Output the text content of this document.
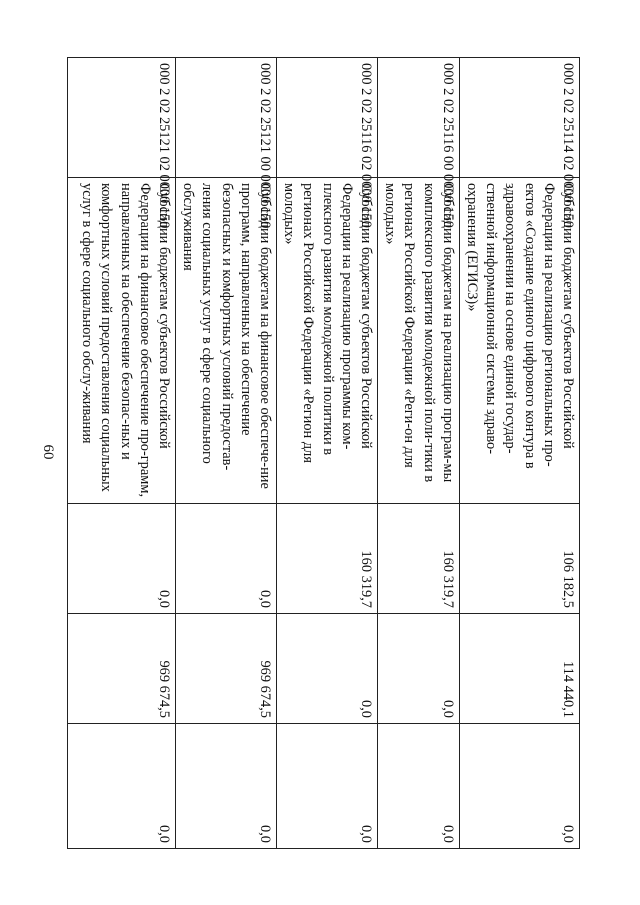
60
000 2 02 25114 02 0000 150	Субсидии бюджетам субъектов Российской Федерации на реализацию региональных про-ектов «Создание единого цифрового контура в здравоохранении на основе единой государ-ственной информационной системы здраво-охранения (ЕГИСЗ)»	106 182,5	114 440,1	0,0
000 2 02 25116 00 0000 150	Субсидии бюджетам на реализацию програм-мы комплексного развития молодежной поли-тики в регионах Российской Федерации «Реги-он для молодых»	160 319,7	0,0	0,0
000 2 02 25116 02 0000 150	Субсидии бюджетам субъектов Российской Федерации на реализацию программы ком-плексного развития молодежной политики в регионах Российской Федерации «Регион для молодых»	160 319,7	0,0	0,0
000 2 02 25121 00 0000 150	Субсидии бюджетам на финансовое обеспече-ние программ, направленных на обеспечение безопасных и комфортных условий предостав-ления социальных услуг в сфере социального обслуживания	0,0	969 674,5	0,0
000 2 02 25121 02 0000 150	Субсидии бюджетам субъектов Российской Федерации на финансовое обеспечение про-грамм, направленных на обеспечение безопас-ных и комфортных условий предоставления социальных услуг в сфере социального обслу-живания	0,0	969 674,5	0,0
